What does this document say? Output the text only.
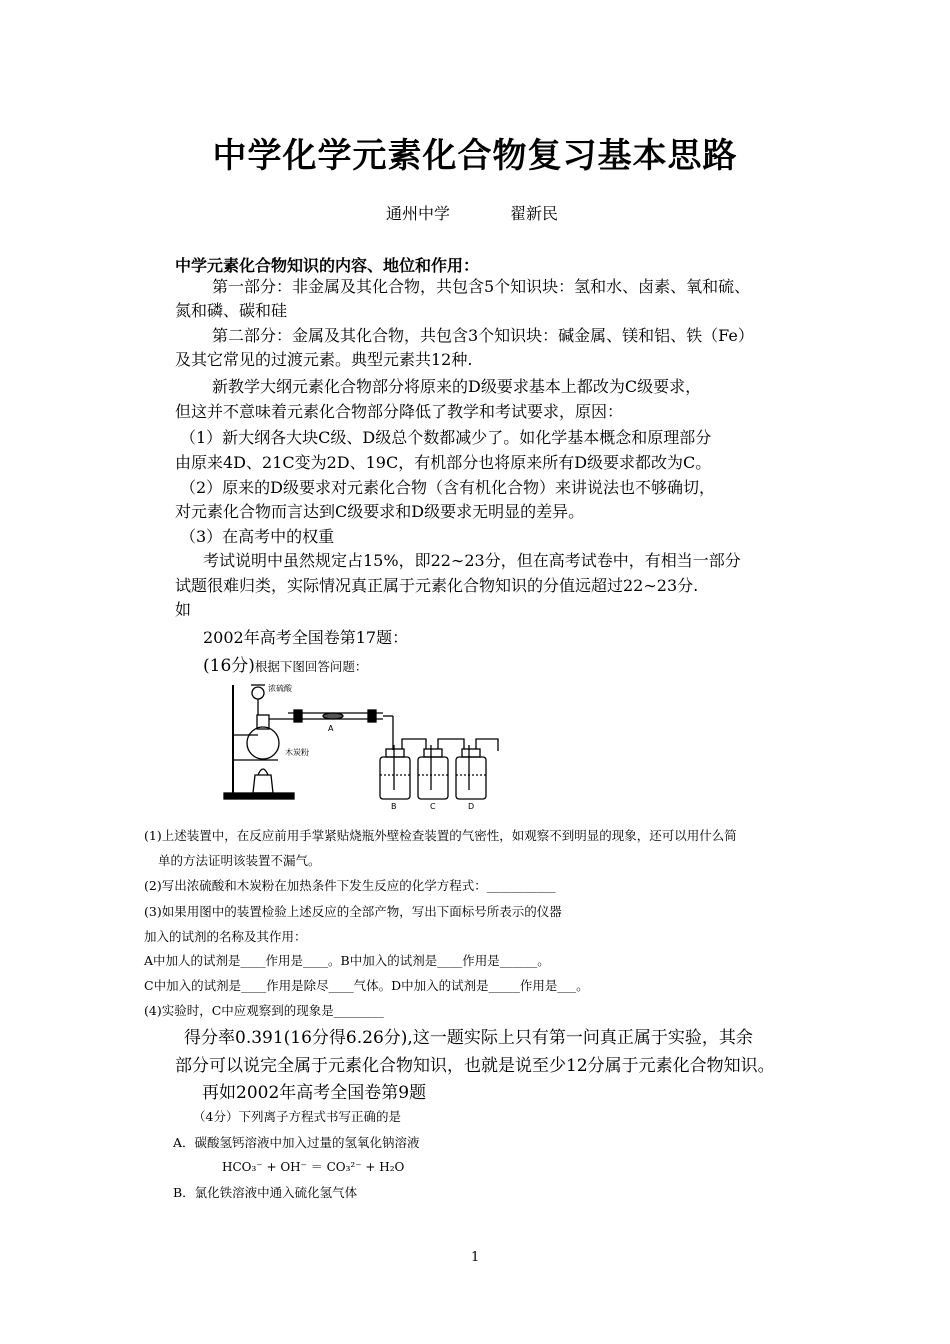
中学化学元素化合物复习基本思路
通州中学	翟新民
中学元素化合物知识的内容、地位和作用：
第一部分：非金属及其化合物，共包含5个知识块：氢和水、卤素、氧和硫、
氮和磷、碳和硅
第二部分：金属及其化合物，共包含3个知识块：碱金属、镁和铝、铁（Fe）
及其它常见的过渡元素。典型元素共12种.
新教学大纲元素化合物部分将原来的D级要求基本上都改为C级要求，
但这并不意味着元素化合物部分降低了教学和考试要求，原因：
（1）新大纲各大块C级、D级总个数都减少了。如化学基本概念和原理部分
由原来4D、21C变为2D、19C，有机部分也将原来所有D级要求都改为C。
（2）原来的D级要求对元素化合物（含有机化合物）来讲说法也不够确切，
对元素化合物而言达到C级要求和D级要求无明显的差异。
（3）在高考中的权重
考试说明中虽然规定占15%，即22∼23分，但在高考试卷中，有相当一部分
试题很难归类，实际情况真正属于元素化合物知识的分值远超过22∼23分.
如
2002年高考全国卷第17题：
(16分)根据下图回答问题：
浓硫酸
木炭粉
A
B	C	D
(1)上述装置中，在反应前用手掌紧贴烧瓶外壁检查装置的气密性，如观察不到明显的现象，还可以用什么简
单的方法证明该装置不漏气。
(2)写出浓硫酸和木炭粉在加热条件下发生反应的化学方程式：___________
(3)如果用图中的装置检验上述反应的全部产物，写出下面标号所表示的仪器
加入的试剂的名称及其作用：
A中加人的试剂是____作用是____。B中加入的试剂是____作用是______。
C中加入的试剂是____作用是除尽____气体。D中加入的试剂是_____作用是___。
(4)实验时，C中应观察到的现象是________
得分率0.391(16分得6.26分),这一题实际上只有第一问真正属于实验，其余
部分可以说完全属于元素化合物知识，也就是说至少12分属于元素化合物知识。
再如2002年高考全国卷第9题
（4分）下列离子方程式书写正确的是
A．碳酸氢钙溶液中加入过量的氢氧化钠溶液
HCO₃⁻ + OH⁻ ＝ CO₃²⁻ + H₂O
B．氯化铁溶液中通入硫化氢气体
1
